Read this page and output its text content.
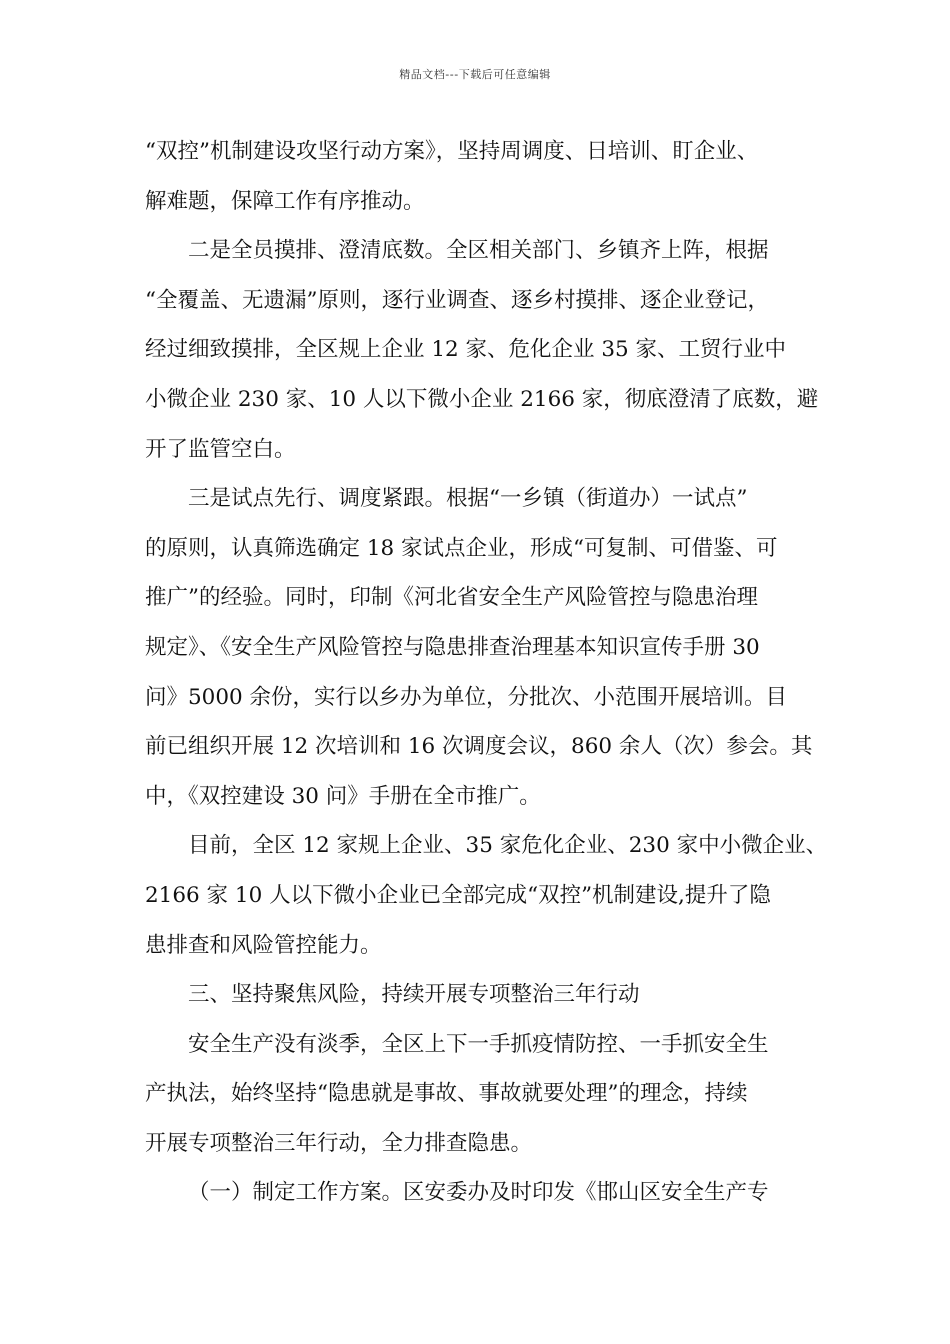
精品文档---下载后可任意编辑

“双控”机制建设攻坚行动方案》，坚持周调度、日培训、盯企业、
解难题，保障工作有序推动。

二是全员摸排、澄清底数。全区相关部门、乡镇齐上阵，根据
“全覆盖、无遗漏”原则，逐行业调查、逐乡村摸排、逐企业登记，
经过细致摸排，全区规上企业 12 家、危化企业 35 家、工贸行业中
小微企业 230 家、10 人以下微小企业 2166 家，彻底澄清了底数，避
开了监管空白。

三是试点先行、调度紧跟。根据“一乡镇（街道办）一试点”
的原则，认真筛选确定 18 家试点企业，形成“可复制、可借鉴、可
推广”的经验。同时，印制《河北省安全生产风险管控与隐患治理
规定》、《安全生产风险管控与隐患排查治理基本知识宣传手册 30
问》5000 余份，实行以乡办为单位，分批次、小范围开展培训。目
前已组织开展 12 次培训和 16 次调度会议，860 余人（次）参会。其
中，《双控建设 30 问》手册在全市推广。

目前，全区 12 家规上企业、35 家危化企业、230 家中小微企业、
2166 家 10 人以下微小企业已全部完成“双控”机制建设,提升了隐
患排查和风险管控能力。

三、坚持聚焦风险，持续开展专项整治三年行动

安全生产没有淡季，全区上下一手抓疫情防控、一手抓安全生
产执法，始终坚持“隐患就是事故、事故就要处理”的理念，持续
开展专项整治三年行动，全力排查隐患。

（一）制定工作方案。区安委办及时印发《邯山区安全生产专
